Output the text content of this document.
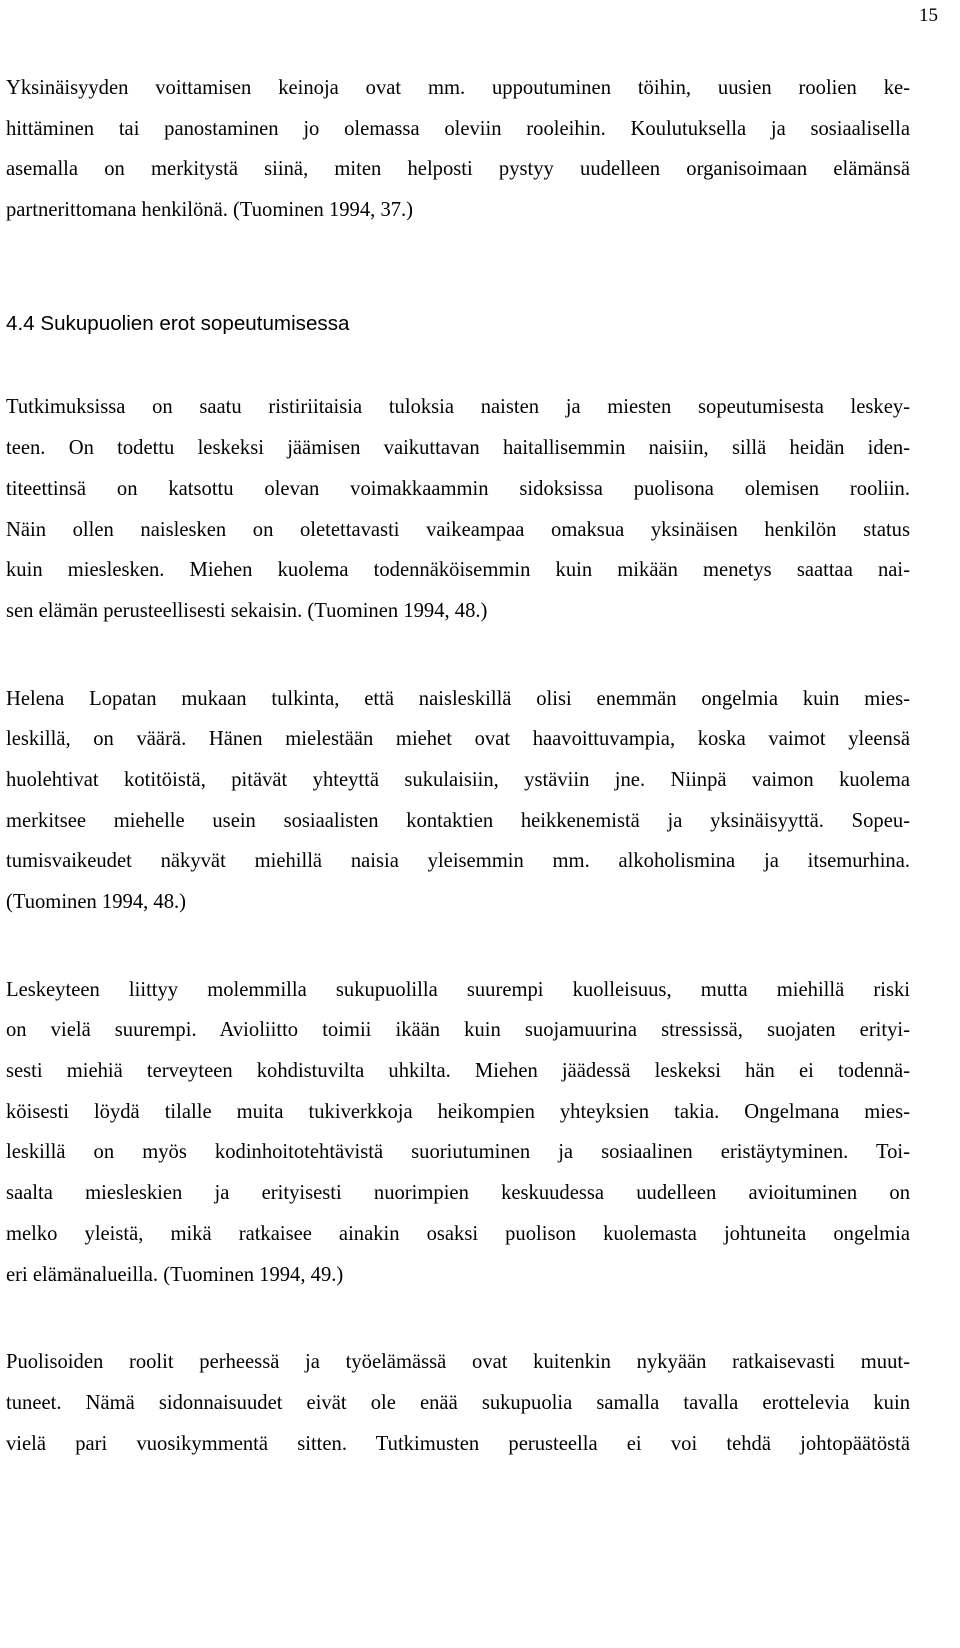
15
Yksinäisyyden voittamisen keinoja ovat mm. uppoutuminen töihin, uusien roolien ke-
hittäminen tai panostaminen jo olemassa oleviin rooleihin. Koulutuksella ja sosiaalisella
asemalla on merkitystä siinä, miten helposti pystyy uudelleen organisoimaan elämänsä
partnerittomana henkilönä. (Tuominen 1994, 37.)
4.4 Sukupuolien erot sopeutumisessa
Tutkimuksissa on saatu ristiriitaisia tuloksia naisten ja miesten sopeutumisesta leskey-
teen. On todettu leskeksi jäämisen vaikuttavan haitallisemmin naisiin, sillä heidän iden-
titeettinsä on katsottu olevan voimakkaammin sidoksissa puolisona olemisen rooliin.
Näin ollen naislesken on oletettavasti vaikeampaa omaksua yksinäisen henkilön status
kuin mieslesken. Miehen kuolema todennäköisemmin kuin mikään menetys saattaa nai-
sen elämän perusteellisesti sekaisin. (Tuominen 1994, 48.)
Helena Lopatan mukaan tulkinta, että naisleskillä olisi enemmän ongelmia kuin mies-
leskillä, on väärä. Hänen mielestään miehet ovat haavoittuvampia, koska vaimot yleensä
huolehtivat kotitöistä, pitävät yhteyttä sukulaisiin, ystäviin jne. Niinpä vaimon kuolema
merkitsee miehelle usein sosiaalisten kontaktien heikkenemistä ja yksinäisyyttä. Sopeu-
tumisvaikeudet näkyvät miehillä naisia yleisemmin mm. alkoholismina ja itsemurhina.
(Tuominen 1994, 48.)
Leskeyteen liittyy molemmilla sukupuolilla suurempi kuolleisuus, mutta miehillä riski
on vielä suurempi. Avioliitto toimii ikään kuin suojamuurina stressissä, suojaten erityi-
sesti miehiä terveyteen kohdistuvilta uhkilta. Miehen jäädessä leskeksi hän ei todennä-
köisesti löydä tilalle muita tukiverkkoja heikompien yhteyksien takia. Ongelmana mies-
leskillä on myös kodinhoitotehtävistä suoriutuminen ja sosiaalinen eristäytyminen. Toi-
saalta miesleskien ja erityisesti nuorimpien keskuudessa uudelleen avioituminen on
melko yleistä, mikä ratkaisee ainakin osaksi puolison kuolemasta johtuneita ongelmia
eri elämänalueilla. (Tuominen 1994, 49.)
Puolisoiden roolit perheessä ja työelämässä ovat kuitenkin nykyään ratkaisevasti muut-
tuneet. Nämä sidonnaisuudet eivät ole enää sukupuolia samalla tavalla erottelevia kuin
vielä pari vuosikymmentä sitten. Tutkimusten perusteella ei voi tehdä johtopäätöstä
